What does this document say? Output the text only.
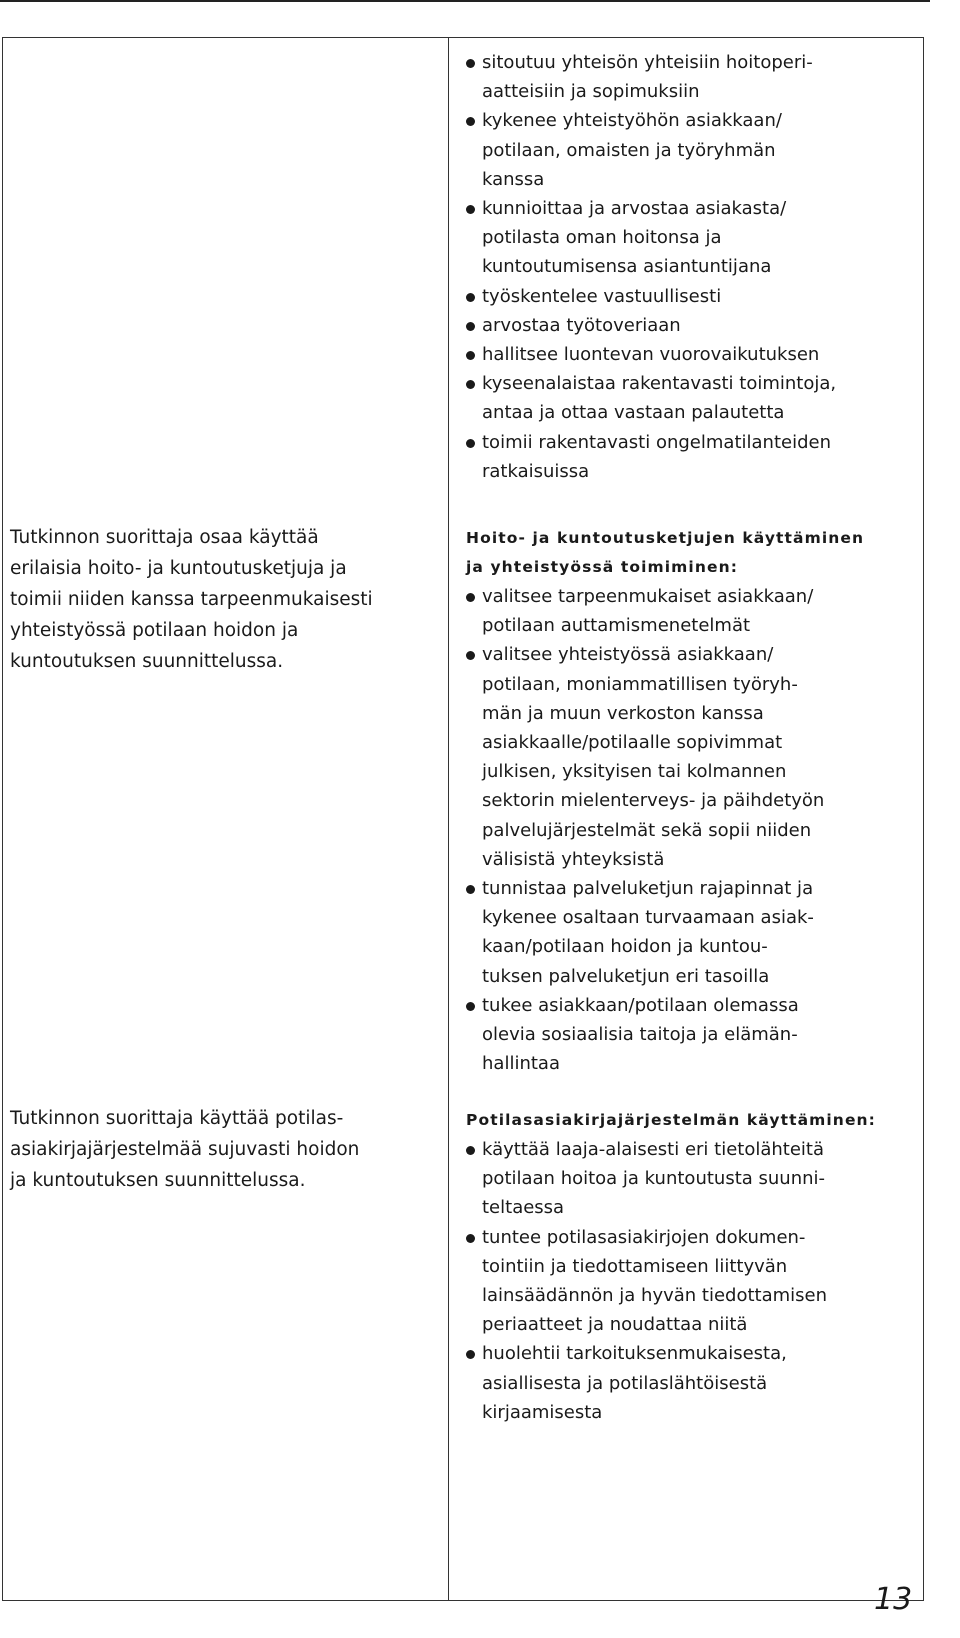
sitoutuu yhteisön yhteisiin hoitoperi-
aatteisiin ja sopimuksiin
kykenee yhteistyöhön asiakkaan/
potilaan, omaisten ja työryhmän
kanssa
kunnioittaa ja arvostaa asiakasta/
potilasta oman hoitonsa ja
kuntoutumisensa asiantuntijana
työskentelee vastuullisesti
arvostaa työtoveriaan
hallitsee luontevan vuorovaikutuksen
kyseenalaistaa rakentavasti toimintoja,
antaa ja ottaa vastaan palautetta
toimii rakentavasti ongelmatilanteiden
ratkaisuissa

Tutkinnon suorittaja osaa käyttää
erilaisia hoito- ja kuntoutusketjuja ja
toimii niiden kanssa tarpeenmukaisesti
yhteistyössä potilaan hoidon ja
kuntoutuksen suunnittelussa.

Hoito- ja kuntoutusketjujen käyttäminen
ja yhteistyössä toimiminen:

valitsee tarpeenmukaiset asiakkaan/
potilaan auttamismenetelmät
valitsee yhteistyössä asiakkaan/
potilaan, moniammatillisen työryh-
män ja muun verkoston kanssa
asiakkaalle/potilaalle sopivimmat
julkisen, yksityisen tai kolmannen
sektorin mielenterveys- ja päihdetyön
palvelujärjestelmät sekä sopii niiden
välisistä yhteyksistä
tunnistaa palveluketjun rajapinnat ja
kykenee osaltaan turvaamaan asiak-
kaan/potilaan hoidon ja kuntou-
tuksen palveluketjun eri tasoilla
tukee asiakkaan/potilaan olemassa
olevia sosiaalisia taitoja ja elämän-
hallintaa

Tutkinnon suorittaja käyttää potilas-
asiakirjajärjestelmää sujuvasti hoidon
ja kuntoutuksen suunnittelussa.

Potilasasiakirjajärjestelmän käyttäminen:

käyttää laaja-alaisesti eri tietolähteitä
potilaan hoitoa ja kuntoutusta suunni-
teltaessa
tuntee potilasasiakirjojen dokumen-
tointiin ja tiedottamiseen liittyvän
lainsäädännön ja hyvän tiedottamisen
periaatteet ja noudattaa niitä
huolehtii tarkoituksenmukaisesta,
asiallisesta ja potilaslähtöisestä
kirjaamisesta
13
